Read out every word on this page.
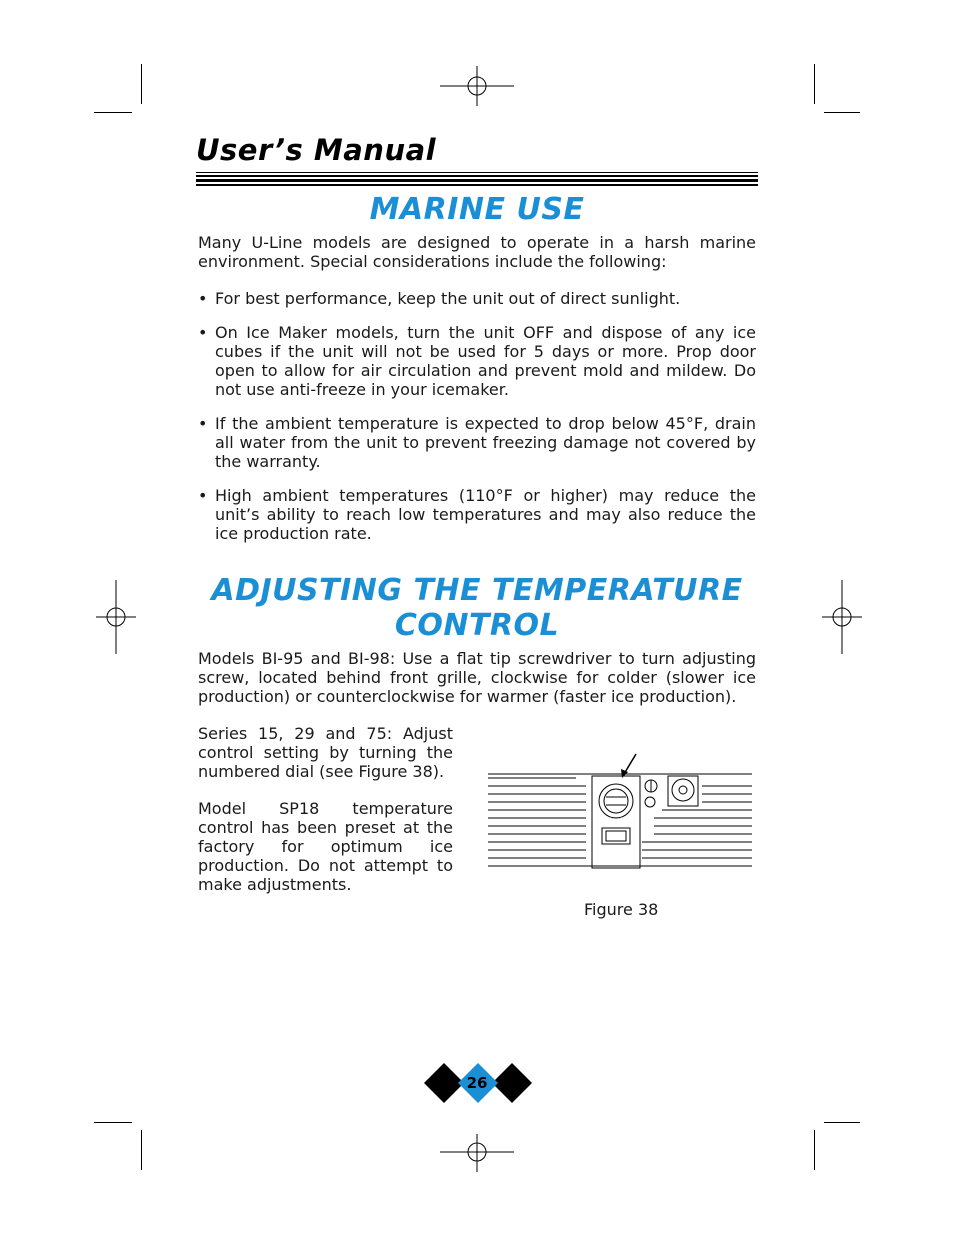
User’s Manual
MARINE USE
Many U-Line models are designed to operate in a harsh marine environment. Special considerations include the following:
• For best performance, keep the unit out of direct sunlight.
• On Ice Maker models, turn the unit OFF and dispose of any ice cubes if the unit will not be used for 5 days or more. Prop door open to allow for air circulation and prevent mold and mildew. Do not use anti-freeze in your icemaker.
• If the ambient temperature is expected to drop below 45°F, drain all water from the unit to prevent freezing damage not covered by the warranty.
• High ambient temperatures (110°F or higher) may reduce the unit’s ability to reach low temperatures and may also reduce the ice production rate.
ADJUSTING THE TEMPERATURE
CONTROL
Models BI-95 and BI-98: Use a flat tip screwdriver to turn adjusting screw, located behind front grille, clockwise for colder (slower ice production) or counterclockwise for warmer (faster ice production).
Series 15, 29 and 75: Adjust control setting by turning the numbered dial (see Figure 38).
Model SP18 temperature control has been preset at the factory for optimum ice production. Do not attempt to make adjustments.
Figure 38
26
